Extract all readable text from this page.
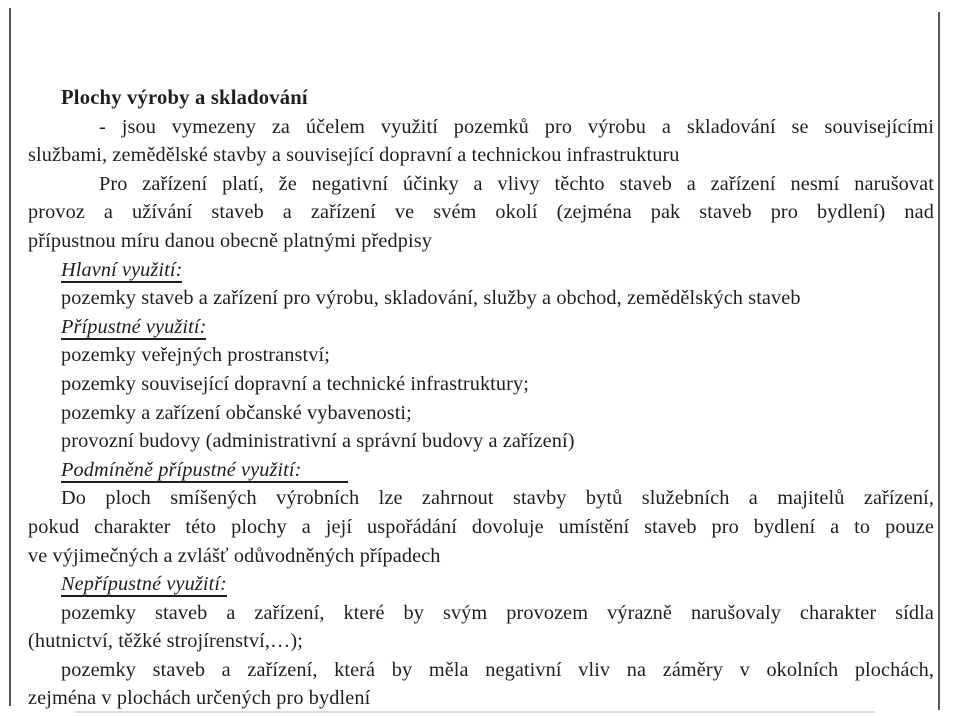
Plochy výroby a skladování
- jsou vymezeny za účelem využití pozemků pro výrobu a skladování se souvisejícími
službami, zemědělské stavby a související dopravní a technickou infrastrukturu
Pro zařízení platí, že negativní účinky a vlivy těchto staveb a zařízení nesmí narušovat
provoz a užívání staveb a zařízení ve svém okolí (zejména pak staveb pro bydlení) nad
přípustnou míru danou obecně platnými předpisy
Hlavní využití:
pozemky staveb a zařízení pro výrobu, skladování, služby a obchod, zemědělských staveb
Přípustné využití:
pozemky veřejných prostranství;
pozemky související dopravní a technické infrastruktury;
pozemky a zařízení občanské vybavenosti;
provozní budovy (administrativní a správní budovy a zařízení)
Podmíněně přípustné využití:
Do ploch smíšených výrobních lze zahrnout stavby bytů služebních a majitelů zařízení,
pokud charakter této plochy a její uspořádání dovoluje umístění staveb pro bydlení a to pouze
ve výjimečných a zvlášť odůvodněných případech
Nepřípustné využití:
pozemky staveb a zařízení, které by svým provozem výrazně narušovaly charakter sídla
(hutnictví, těžké strojírenství,…);
pozemky staveb a zařízení, která by měla negativní vliv na záměry v okolních plochách,
zejména v plochách určených pro bydlení
